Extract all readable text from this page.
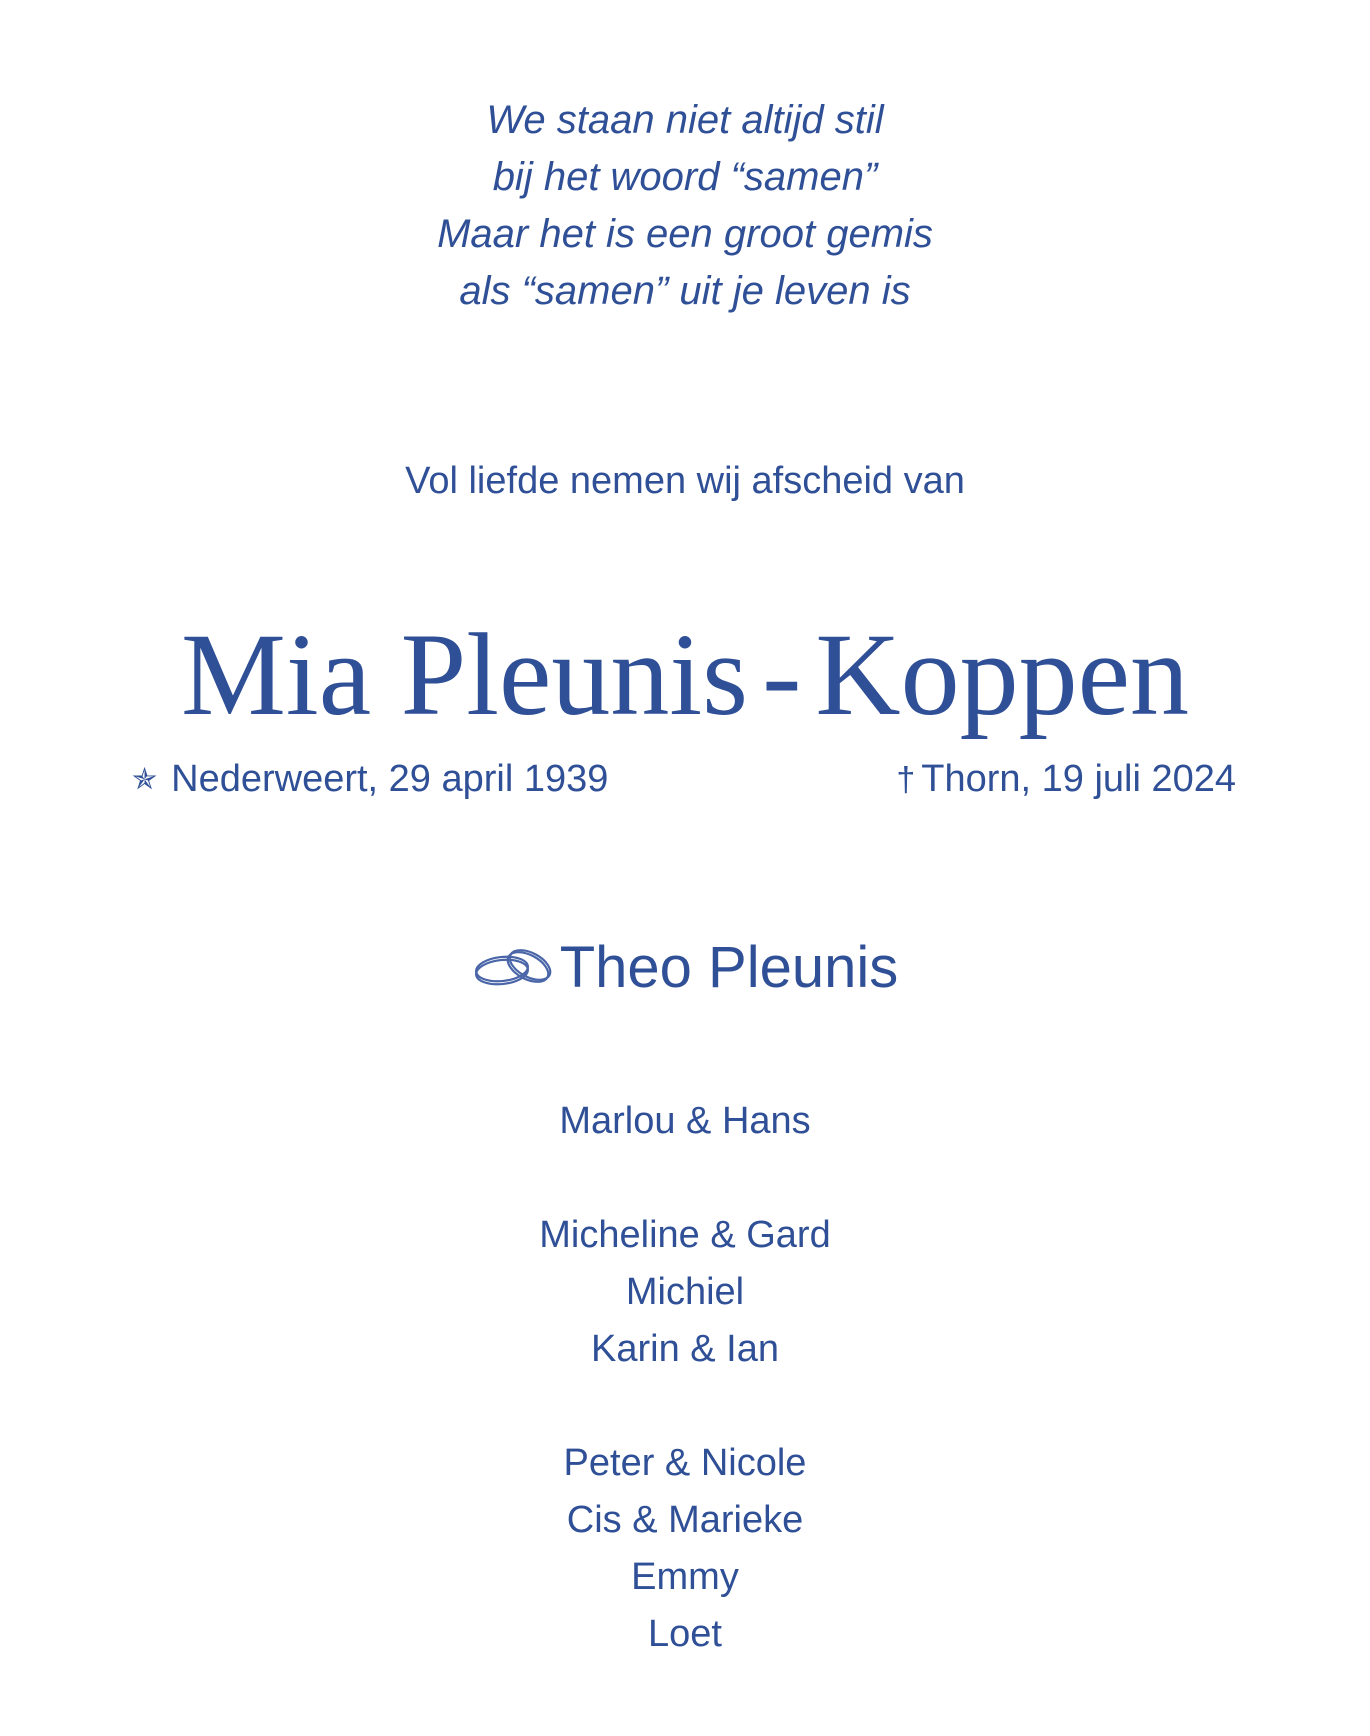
We staan niet altijd stil
bij het woord “samen”
Maar het is een groot gemis
als “samen” uit je leven is
Vol liefde nemen wij afscheid van
Mia Pleunis - Koppen
✯ Nederweert, 29 april 1939	† Thorn, 19 juli 2024
Theo Pleunis
Marlou & Hans
Micheline & Gard
Michiel
Karin & Ian
Peter & Nicole
Cis & Marieke
Emmy
Loet
